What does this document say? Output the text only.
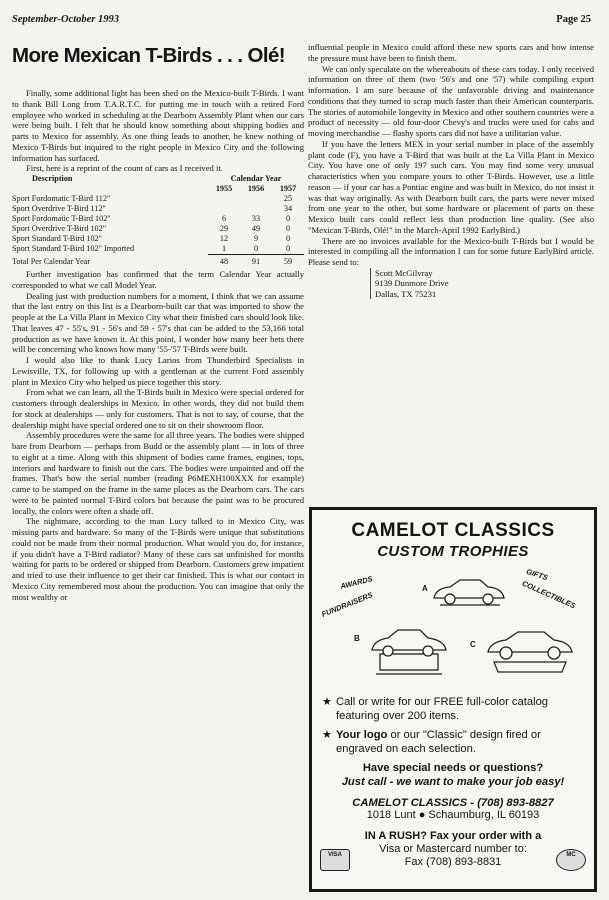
September-October 1993	Page 25
More Mexican T-Birds . . . Olé!

Finally, some additional light has been shed on the Mexico-built T-Birds. I want to thank Bill Long from T.A.R.T.C. for putting me in touch with a retired Ford employee who worked in scheduling at the Dearborn Assembly Plant when our cars were being built. I felt that he should know something about shipping bodies and parts to Mexico for assembly. As one thing leads to another, he knew nothing of Mexico T-Birds but inquired to the right people in Mexico City and the following information has surfaced.

First, here is a reprint of the count of cars as I received it.

Description	Calendar Year		
	1955	1956	1957
Sport Fordomatic T-Bird 112"			25
Sport Overdrive T-Bird 112"			34
Sport Fordomatic T-Bird 102"	6	33	0
Sport Overdrive T-Bird 102"	29	49	0
Sport Standard T-Bird 102"	12	9	0
Sport Standard T-Bird 102" Imported	1	0	0
Total Per Calendar Year	48	91	59

Further investigation has confirmed that the term Calendar Year actually corresponded to what we call Model Year.

Dealing just with production numbers for a moment, I think that we can assume that the last entry on this list is a Dearborn-built car that was imported to show the people at the La Villa Plant in Mexico City what their finished cars should look like. That leaves 47 - 55's, 91 - 56's and 59 - 57's that can be added to the 53,166 total production as we have known it. At this point, I wonder how many beer bets there will be concerning who knows how many '55-'57 T-Birds were built.

I would also like to thank Lucy Larios from Thunderbird Specialists in Lewisville, TX, for following up with a gentleman at the current Ford assembly plant in Mexico City who helped us piece together this story.

From what we can learn, all the T-Birds built in Mexico were special ordered for customers through dealerships in Mexico. In other words, they did not build them for stock at dealerships — only for customers. That is not to say, of course, that the dealership might have special ordered one to sit on their showroom floor.

Assembly procedures were the same for all three years. The bodies were shipped bare from Dearborn — perhaps from Budd or the assembly plant — in lots of three to eight at a time. Along with this shipment of bodies came frames, engines, tops, interiors and hardware to finish out the cars. The bodies were unpainted and off the frames. That's how the serial number (reading P6MEXH100XXX for example) came to be stamped on the frame in the same places as the Dearborn cars. The cars were to be painted normal T-Bird colors but because the paint was to be procured locally, the colors were often a shade off.

The nightmare, according to the man Lucy talked to in Mexico City, was missing parts and hardware. So many of the T-Birds were unique that substitutions could not be made from their normal production. What would you do, for instance, if you didn't have a T-Bird radiator? Many of these cars sat unfinished for months waiting for parts to be ordered or shipped from Dearborn. Customers grew impatient and tried to use their influence to get their car finished. This is what our contact in Mexico City remembered most about the production. You can imagine that only the most wealthy or

influential people in Mexico could afford these new sports cars and how intense the pressure must have been to finish them.

We can only speculate on the whereabouts of these cars today. I only received information on three of them (two '56's and one '57) while compiling export information. I am sure because of the unfavorable driving and maintenance conditions that they turned to scrap much faster than their American counterparts. The stories of automobile longevity in Mexico and other southern countries were a product of necessity — old four-door Chevy's and trucks were used for cabs and moving merchandise — flashy sports cars did not have a utilitarian value.

If you have the letters MEX in your serial number in place of the assembly plant code (F), you have a T-Bird that was built at the La Villa Plant in Mexico City. You have one of only 197 such cars. You may find some very unusual characteristics when you compare yours to other T-Birds. However, use a little reason — if your car has a Pontiac engine and was built in Mexico, do not insist it was that way originally. As with Dearborn built cars, the parts were never mixed from one year to the other, but some hardware or placement of parts on these Mexico built cars could reflect less than production line quality. (See also "Mexican T-Birds, Olé!" in the March-April 1992 EarlyBird.)

There are no invoices available for the Mexico-built T-Birds but I would be interested in compiling all the information I can for some future EarlyBird article. Please send to:

Scott McGilvray
9139 Dunmore Drive
Dallas, TX 75231
CAMELOT CLASSICS
CUSTOM TROPHIES
AWARDS
FUNDRAISERS
GIFTS
COLLECTIBLES
A
B
C
★ Call or write for our FREE full-color catalog featuring over 200 items.
★ Your logo or our "Classic" design fired or engraved on each selection.
Have special needs or questions?
Just call - we want to make your job easy!
CAMELOT CLASSICS - (708) 893-8827
1018 Lunt ● Schaumburg, IL 60193
IN A RUSH? Fax your order with a
Visa or Mastercard number to:
Fax (708) 893-8831
VISA	MC
